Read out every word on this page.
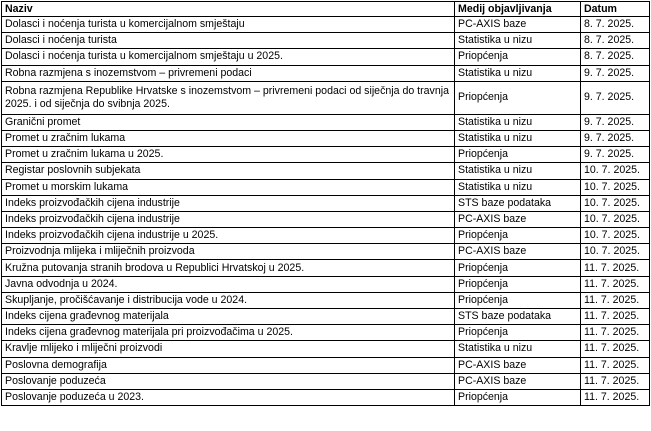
Naziv	Medij objavljivanja	Datum
Dolasci i noćenja turista u komercijalnom smještaju	PC-AXIS baze	8. 7. 2025.
Dolasci i noćenja turista	Statistika u nizu	8. 7. 2025.
Dolasci i noćenja turista u komercijalnom smještaju u 2025.	Priopćenja	8. 7. 2025.
Robna razmjena s inozemstvom – privremeni podaci	Statistika u nizu	9. 7. 2025.
Robna razmjena Republike Hrvatske s inozemstvom – privremeni podaci od siječnja do travnja 2025. i od siječnja do svibnja 2025.	Priopćenja	9. 7. 2025.
Granični promet	Statistika u nizu	9. 7. 2025.
Promet u zračnim lukama	Statistika u nizu	9. 7. 2025.
Promet u zračnim lukama u 2025.	Priopćenja	9. 7. 2025.
Registar poslovnih subjekata	Statistika u nizu	10. 7. 2025.
Promet u morskim lukama	Statistika u nizu	10. 7. 2025.
Indeks proizvođačkih cijena industrije	STS baze podataka	10. 7. 2025.
Indeks proizvođačkih cijena industrije	PC-AXIS baze	10. 7. 2025.
Indeks proizvođačkih cijena industrije u 2025.	Priopćenja	10. 7. 2025.
Proizvodnja mlijeka i mliječnih proizvoda	PC-AXIS baze	10. 7. 2025.
Kružna putovanja stranih brodova u Republici Hrvatskoj u 2025.	Priopćenja	11. 7. 2025.
Javna odvodnja u 2024.	Priopćenja	11. 7. 2025.
Skupljanje, pročišćavanje i distribucija vode u 2024.	Priopćenja	11. 7. 2025.
Indeks cijena građevnog materijala	STS baze podataka	11. 7. 2025.
Indeks cijena građevnog materijala pri proizvođačima u 2025.	Priopćenja	11. 7. 2025.
Kravlje mlijeko i mliječni proizvodi	Statistika u nizu	11. 7. 2025.
Poslovna demografija	PC-AXIS baze	11. 7. 2025.
Poslovanje poduzeća	PC-AXIS baze	11. 7. 2025.
Poslovanje poduzeća u 2023.	Priopćenja	11. 7. 2025.
